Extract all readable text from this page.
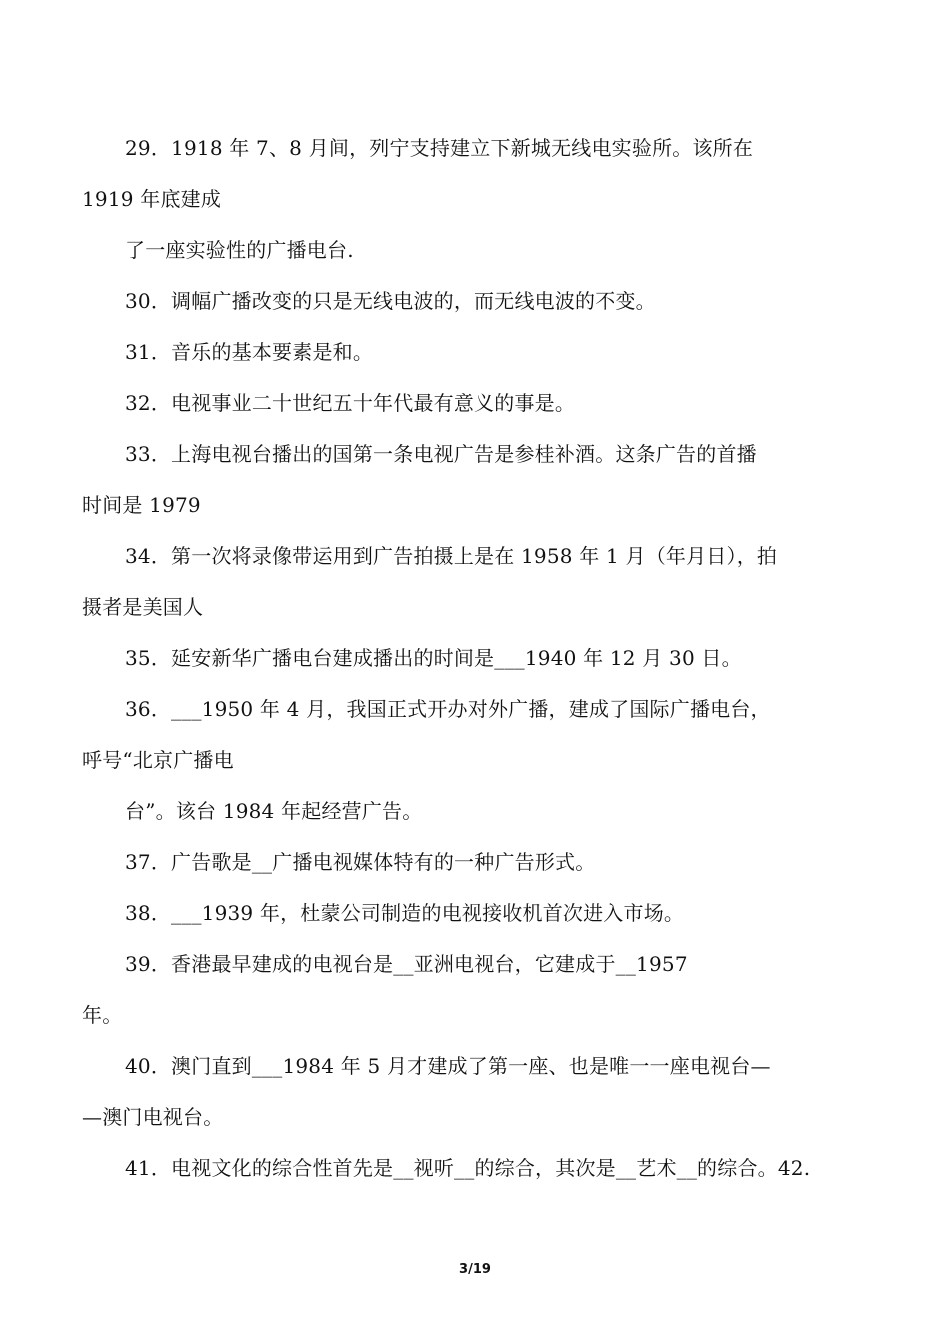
29．1918 年 7、8 月间，列宁支持建立下新城无线电实验所。该所在
1919 年底建成
了一座实验性的广播电台.
30．调幅广播改变的只是无线电波的，而无线电波的不变。
31．音乐的基本要素是和。
32．电视事业二十世纪五十年代最有意义的事是。
33．上海电视台播出的国第一条电视广告是参桂补酒。这条广告的首播
时间是 1979
34．第一次将录像带运用到广告拍摄上是在 1958 年 1 月（年月日），拍
摄者是美国人
35．延安新华广播电台建成播出的时间是___1940 年 12 月 30 日。
36．___1950 年 4 月，我国正式开办对外广播，建成了国际广播电台，
呼号“北京广播电
台”。该台 1984 年起经营广告。
37．广告歌是__广播电视媒体特有的一种广告形式。
38．___1939 年，杜蒙公司制造的电视接收机首次进入市场。
39．香港最早建成的电视台是__亚洲电视台，它建成于__1957
年。
40．澳门直到___1984 年 5 月才建成了第一座、也是唯一一座电视台—
—澳门电视台。
41．电视文化的综合性首先是__视听__的综合，其次是__艺术__的综合。42.
3/19
